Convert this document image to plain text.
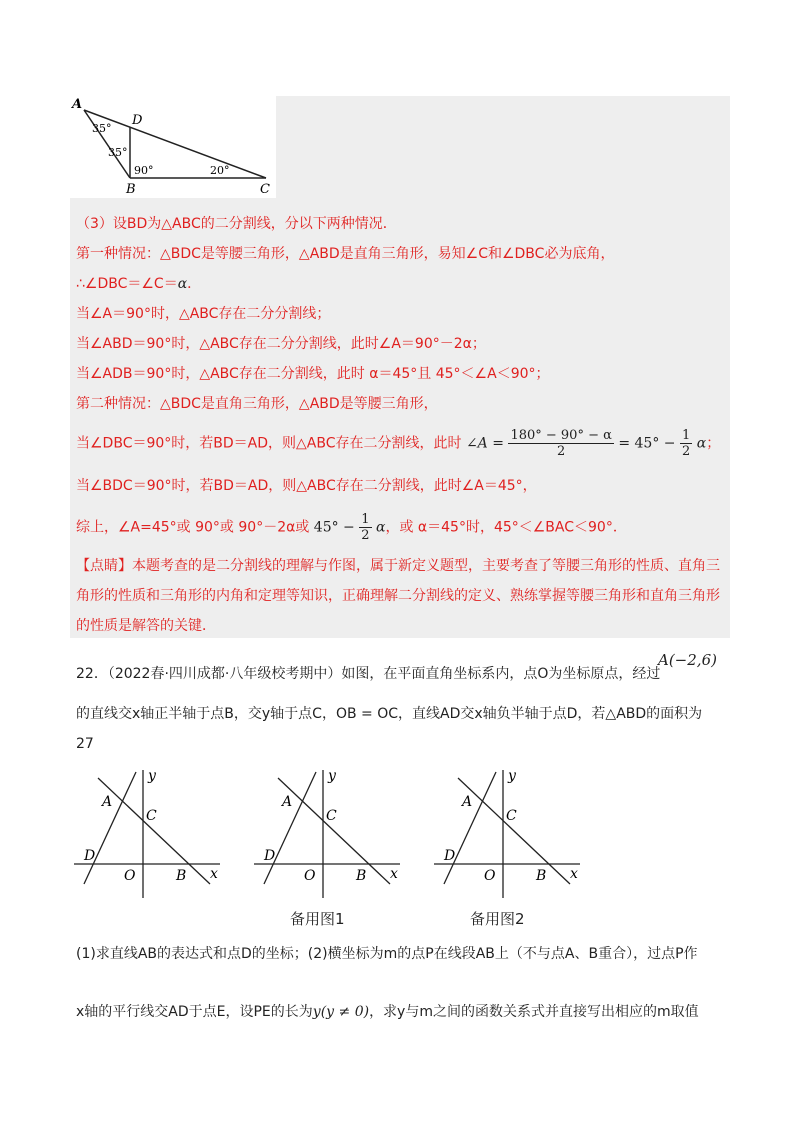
A
D
B	C
35°
35°
90°	20°
（3）设BD为△ABC的二分割线，分以下两种情况．
第一种情况：△BDC是等腰三角形，△ABD是直角三角形，易知∠C和∠DBC必为底角，
∴∠DBC＝∠C＝α．
当∠A＝90°时，△ABC存在二分分割线；
当∠ABD＝90°时，△ABC存在二分分割线，此时∠A＝90°－2α；
当∠ADB＝90°时，△ABC存在二分割线，此时 α＝45°且 45°＜∠A＜90°；
第二种情况：△BDC是直角三角形，△ABD是等腰三角形，
当∠DBC＝90°时，若BD＝AD，则△ABC存在二分割线，此时 ∠A = $\frac{180^\circ - 90^\circ - \alpha}{2} = 45^\circ - \frac{1}{2}$ α；
当∠BDC＝90°时，若BD＝AD，则△ABC存在二分割线，此时∠A＝45°，
综上，∠A=45°或 90°或 90°－2α或 $45^\circ - \frac{1}{2}$ α，或 α＝45°时，45°＜∠BAC＜90°．
【点睛】本题考查的是二分割线的理解与作图，属于新定义题型，主要考查了等腰三角形的性质、直角三
角形的性质和三角形的内角和定理等知识，正确理解二分割线的定义、熟练掌握等腰三角形和直角三角形
的性质是解答的关键．
A(−2,6)
22．（2022春·四川成都·八年级校考期中）如图，在平面直角坐标系内，点O为坐标原点，经过
的直线交x轴正半轴于点B，交y轴于点C，OB = OC，直线AD交x轴负半轴于点D，若△ABD的面积为
27
y
x
O
A
C
D
B
y
x
O
A
C
D
B
y
x
O
A
C
D
B
备用图1	备用图2
(1)求直线AB的表达式和点D的坐标；(2)横坐标为m的点P在线段AB上（不与点A、B重合），过点P作
x轴的平行线交AD于点E，设PE的长为y(y ≠ 0)，求y与m之间的函数关系式并直接写出相应的m取值
